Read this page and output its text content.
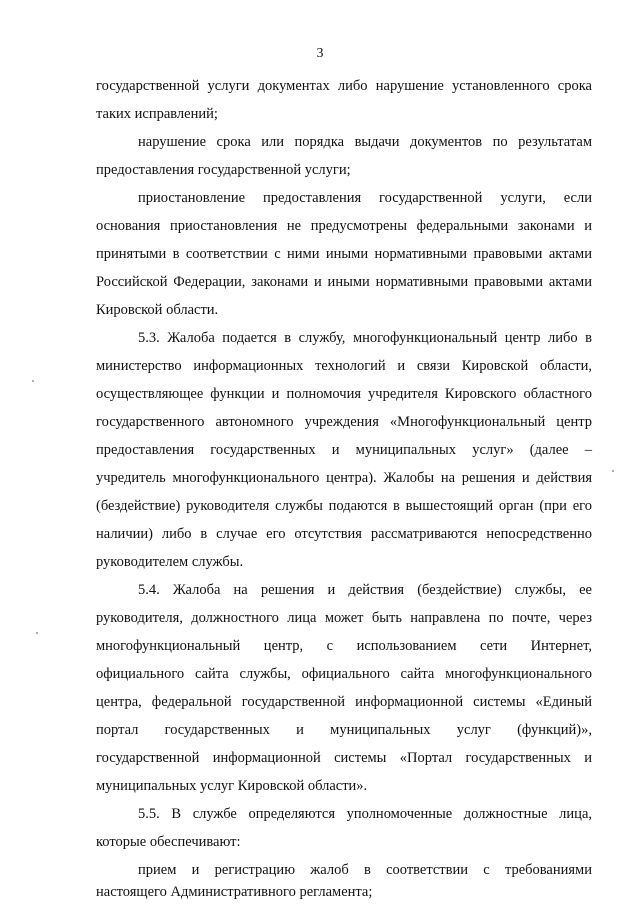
3
государственной услуги документах либо нарушение установленного срока
таких исправлений;
нарушение срока или порядка выдачи документов по результатам
предоставления государственной услуги;
приостановление предоставления государственной услуги, если
основания приостановления не предусмотрены федеральными законами и
принятыми в соответствии с ними иными нормативными правовыми актами
Российской Федерации, законами и иными нормативными правовыми актами
Кировской области.
5.3. Жалоба подается в службу, многофункциональный центр либо в
министерство информационных технологий и связи Кировской области,
осуществляющее функции и полномочия учредителя Кировского областного
государственного автономного учреждения «Многофункциональный центр
предоставления государственных и муниципальных услуг» (далее –
учредитель многофункционального центра). Жалобы на решения и действия
(бездействие) руководителя службы подаются в вышестоящий орган (при его
наличии) либо в случае его отсутствия рассматриваются непосредственно
руководителем службы.
5.4. Жалоба на решения и действия (бездействие) службы, ее
руководителя, должностного лица может быть направлена по почте, через
многофункциональный центр, с использованием сети Интернет,
официального сайта службы, официального сайта многофункционального
центра, федеральной государственной информационной системы «Единый
портал государственных и муниципальных услуг (функций)»,
государственной информационной системы «Портал государственных и
муниципальных услуг Кировской области».
5.5. В службе определяются уполномоченные должностные лица,
которые обеспечивают:
прием и регистрацию жалоб в соответствии с требованиями
настоящего Административного регламента;
